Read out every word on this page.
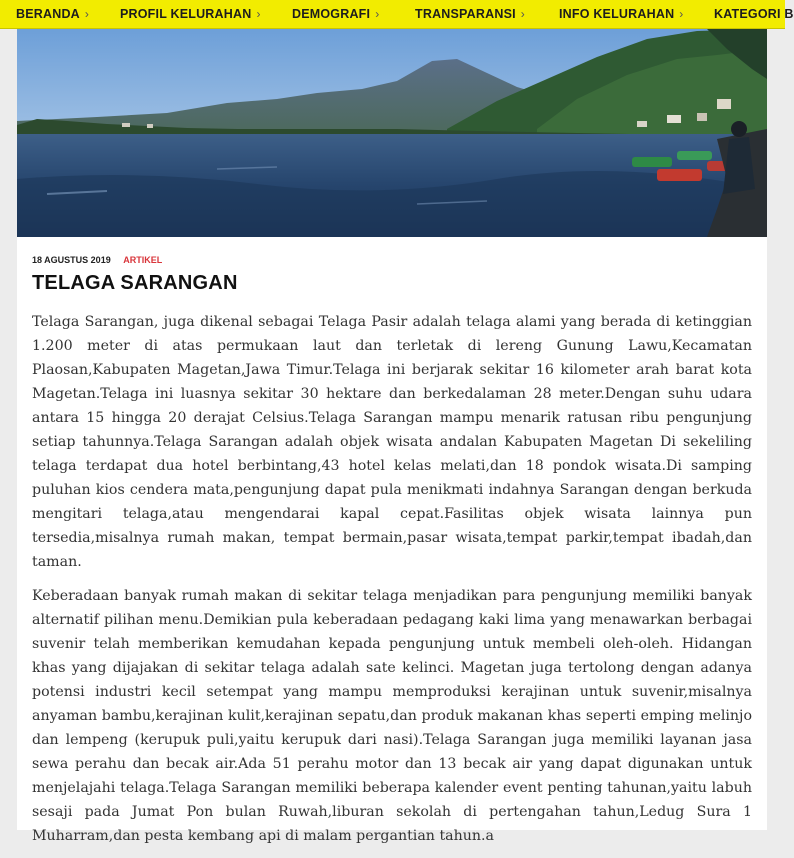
BERANDA › PROFIL KELURAHAN ›	DEMOGRAFI ›	TRANSPARANSI ›	INFO KELURAHAN › KATEGORI B
18 AGUSTUS 2019 ARTIKEL
TELAGA SARANGAN

Telaga Sarangan, juga dikenal sebagai Telaga Pasir adalah telaga alami yang berada di ketinggian 1.200 meter di atas permukaan laut dan terletak di lereng Gunung Lawu,Kecamatan Plaosan,Kabupaten Magetan,Jawa Timur.Telaga ini berjarak sekitar 16 kilometer arah barat kota Magetan.Telaga ini luasnya sekitar 30 hektare dan berkedalaman 28 meter.Dengan suhu udara antara 15 hingga 20 derajat Celsius.Telaga Sarangan mampu menarik ratusan ribu pengunjung setiap tahunnya.Telaga Sarangan adalah objek wisata andalan Kabupaten Magetan Di sekeliling telaga terdapat dua hotel berbintang,43 hotel kelas melati,dan 18 pondok wisata.Di samping puluhan kios cendera mata,pengunjung dapat pula menikmati indahnya Sarangan dengan berkuda mengitari telaga,atau mengendarai kapal cepat.Fasilitas objek wisata lainnya pun tersedia,misalnya rumah makan, tempat bermain,pasar wisata,tempat parkir,tempat ibadah,dan taman.

Keberadaan banyak rumah makan di sekitar telaga menjadikan para pengunjung memiliki banyak alternatif pilihan menu.Demikian pula keberadaan pedagang kaki lima yang menawarkan berbagai suvenir telah memberikan kemudahan kepada pengunjung untuk membeli oleh-oleh. Hidangan khas yang dijajakan di sekitar telaga adalah sate kelinci. Magetan juga tertolong dengan adanya potensi industri kecil setempat yang mampu memproduksi kerajinan untuk suvenir,misalnya anyaman bambu,kerajinan kulit,kerajinan sepatu,dan produk makanan khas seperti emping melinjo dan lempeng (kerupuk puli,yaitu kerupuk dari nasi).Telaga Sarangan juga memiliki layanan jasa sewa perahu dan becak air.Ada 51 perahu motor dan 13 becak air yang dapat digunakan untuk menjelajahi telaga.Telaga Sarangan memiliki beberapa kalender event penting tahunan,yaitu labuh sesaji pada Jumat Pon bulan Ruwah,liburan sekolah di pertengahan tahun,Ledug Sura 1 Muharram,dan pesta kembang api di malam pergantian tahun.a
